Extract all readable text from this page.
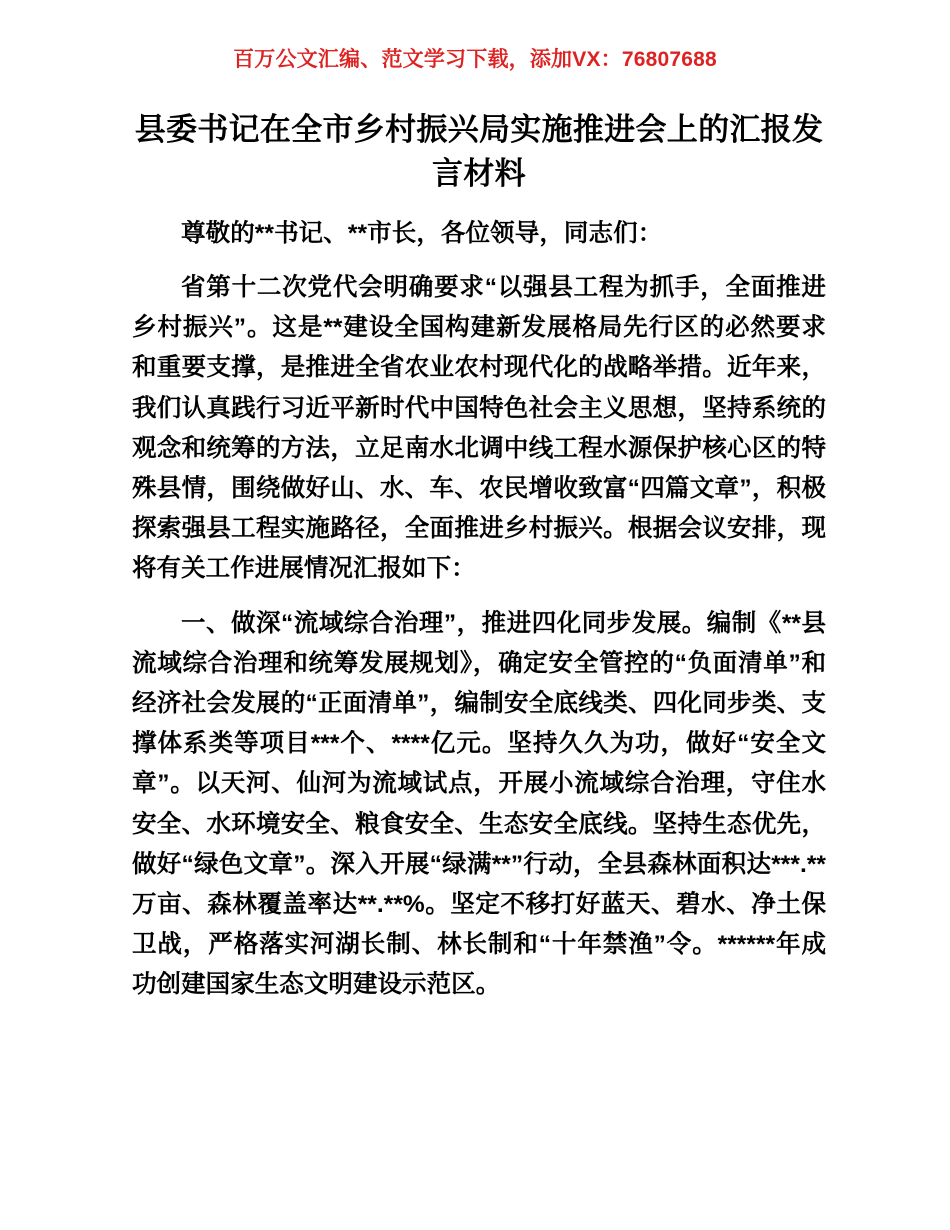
百万公文汇编、范文学习下载，添加VX：76807688
县委书记在全市乡村振兴局实施推进会上的汇报发言材料

尊敬的**书记、**市长，各位领导，同志们：

省第十二次党代会明确要求“以强县工程为抓手，全面推进乡村振兴”。这是**建设全国构建新发展格局先行区的必然要求和重要支撑，是推进全省农业农村现代化的战略举措。近年来，我们认真践行习近平新时代中国特色社会主义思想，坚持系统的观念和统筹的方法，立足南水北调中线工程水源保护核心区的特殊县情，围绕做好山、水、车、农民增收致富“四篇文章”，积极探索强县工程实施路径，全面推进乡村振兴。根据会议安排，现将有关工作进展情况汇报如下：

一、做深“流域综合治理”，推进四化同步发展。编制《**县流域综合治理和统筹发展规划》，确定安全管控的“负面清单”和经济社会发展的“正面清单”，编制安全底线类、四化同步类、支撑体系类等项目***个、****亿元。坚持久久为功，做好“安全文章”。以天河、仙河为流域试点，开展小流域综合治理，守住水安全、水环境安全、粮食安全、生态安全底线。坚持生态优先，做好“绿色文章”。深入开展“绿满**”行动，全县森林面积达***.**万亩、森林覆盖率达**.**%。坚定不移打好蓝天、碧水、净土保卫战，严格落实河湖长制、林长制和“十年禁渔”令。******年成功创建国家生态文明建设示范区。
